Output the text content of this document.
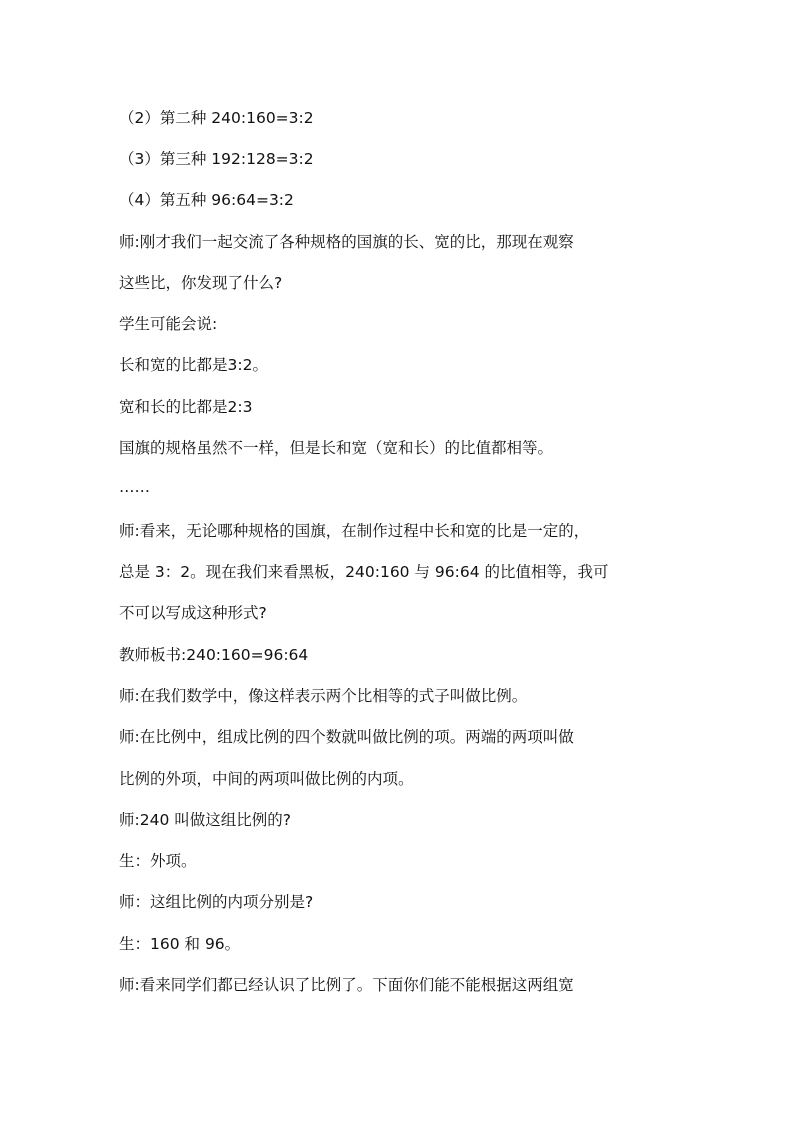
（2）第二种 240:160=3:2
（3）第三种 192:128=3:2
（4）第五种 96:64=3:2
师:刚才我们一起交流了各种规格的国旗的长、宽的比，那现在观察
这些比，你发现了什么?
学生可能会说:
长和宽的比都是3:2。
宽和长的比都是2:3
国旗的规格虽然不一样，但是长和宽（宽和长）的比值都相等。
……
师:看来，无论哪种规格的国旗，在制作过程中长和宽的比是一定的，
总是 3：2。现在我们来看黑板，240:160 与 96:64 的比值相等，我可
不可以写成这种形式?
教师板书:240:160=96:64
师:在我们数学中，像这样表示两个比相等的式子叫做比例。
师:在比例中，组成比例的四个数就叫做比例的项。两端的两项叫做
比例的外项，中间的两项叫做比例的内项。
师:240 叫做这组比例的?
生：外项。
师：这组比例的内项分别是?
生：160 和 96。
师:看来同学们都已经认识了比例了。下面你们能不能根据这两组宽
